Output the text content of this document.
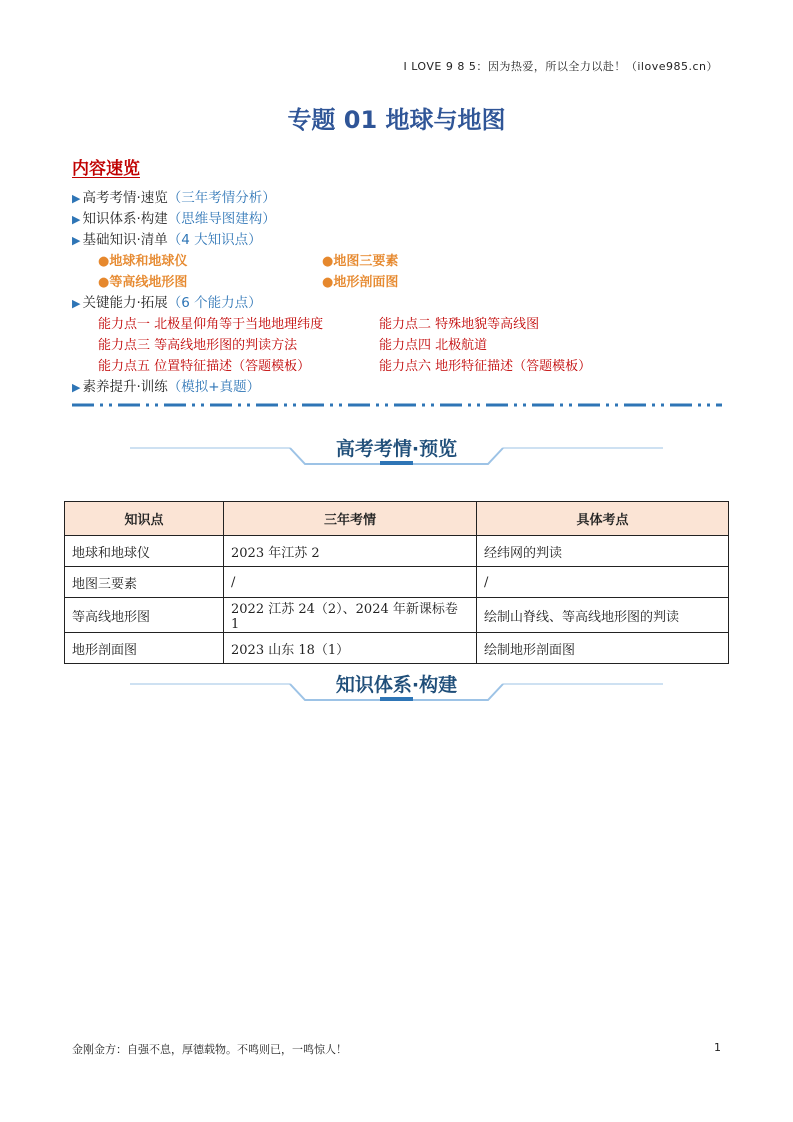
I LOVE 9 8 5：因为热爱，所以全力以赴！（ilove985.cn）
专题 01 地球与地图
内容速览
▶ 高考考情·速览（三年考情分析）
▶ 知识体系·构建（思维导图建构）
▶ 基础知识·清单（4 大知识点）
●地球和地球仪	●地图三要素
●等高线地形图	●地形剖面图
▶ 关键能力·拓展（6 个能力点）
能力点一 北极星仰角等于当地地理纬度	能力点二 特殊地貌等高线图
能力点三 等高线地形图的判读方法	能力点四 北极航道
能力点五 位置特征描述（答题模板）	能力点六 地形特征描述（答题模板）
▶ 素养提升·训练（模拟+真题）
高考考情·预览
知识点	三年考情	具体考点
地球和地球仪	2023 年江苏 2	经纬网的判读
地图三要素	/	/
等高线地形图	2022 江苏 24（2）、2024 年新课标卷 1	绘制山脊线、等高线地形图的判读
地形剖面图	2023 山东 18（1）	绘制地形剖面图
知识体系·构建
金刚金方：自强不息，厚德载物。不鸣则已，一鸣惊人！	1
